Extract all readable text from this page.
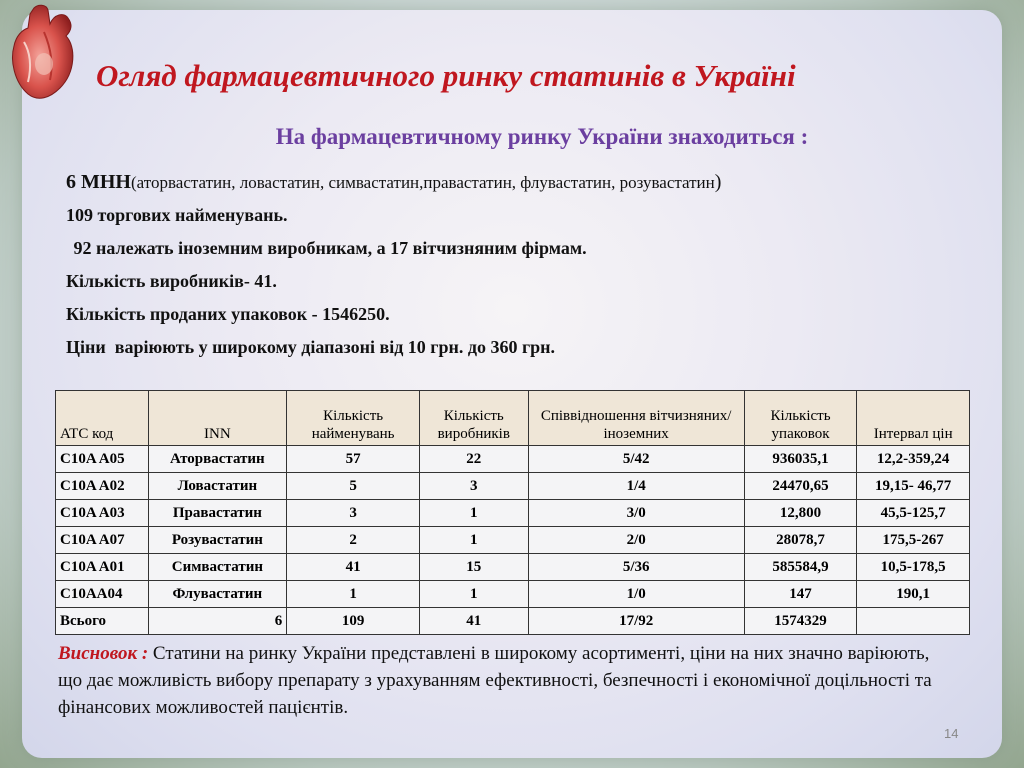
Огляд фармацевтичного ринку статинів в Україні
На фармацевтичному ринку України знаходиться :
6 МНН(аторвастатин, ловастатин, симвастатин,правастатин, флувастатин, розувастатин)
109 торгових найменувань.
92 належать іноземним виробникам, а 17 вітчизняним фірмам.
Кількість виробників- 41.
Кількість проданих упаковок - 1546250.
Ціни  варіюють у широкому діапазоні від 10 грн. до 360 грн.
ATC код	INN	Кількість найменувань	Кількість виробників	Співвідношення вітчизняних/іноземних	Кількість упаковок	Інтервал цін
C10A A05	Аторвастатин	57	22	5/42	936035,1	12,2-359,24
C10A A02	Ловастатин	5	3	1/4	24470,65	19,15- 46,77
C10A A03	Правастатин	3	1	3/0	12,800	45,5-125,7
C10A A07	Розувастатин	2	1	2/0	28078,7	175,5-267
C10A A01	Симвастатин	41	15	5/36	585584,9	10,5-178,5
C10AA04	Флувастатин	1	1	1/0	147	190,1
Всього	6	109	41	17/92	1574329	
Висновок : Статини на ринку України представлені в широкому асортименті, ціни на них значно варіюють, що дає можливість вибору препарату з урахуванням ефективності, безпечності і економічної доцільності та фінансових можливостей пацієнтів.
14
